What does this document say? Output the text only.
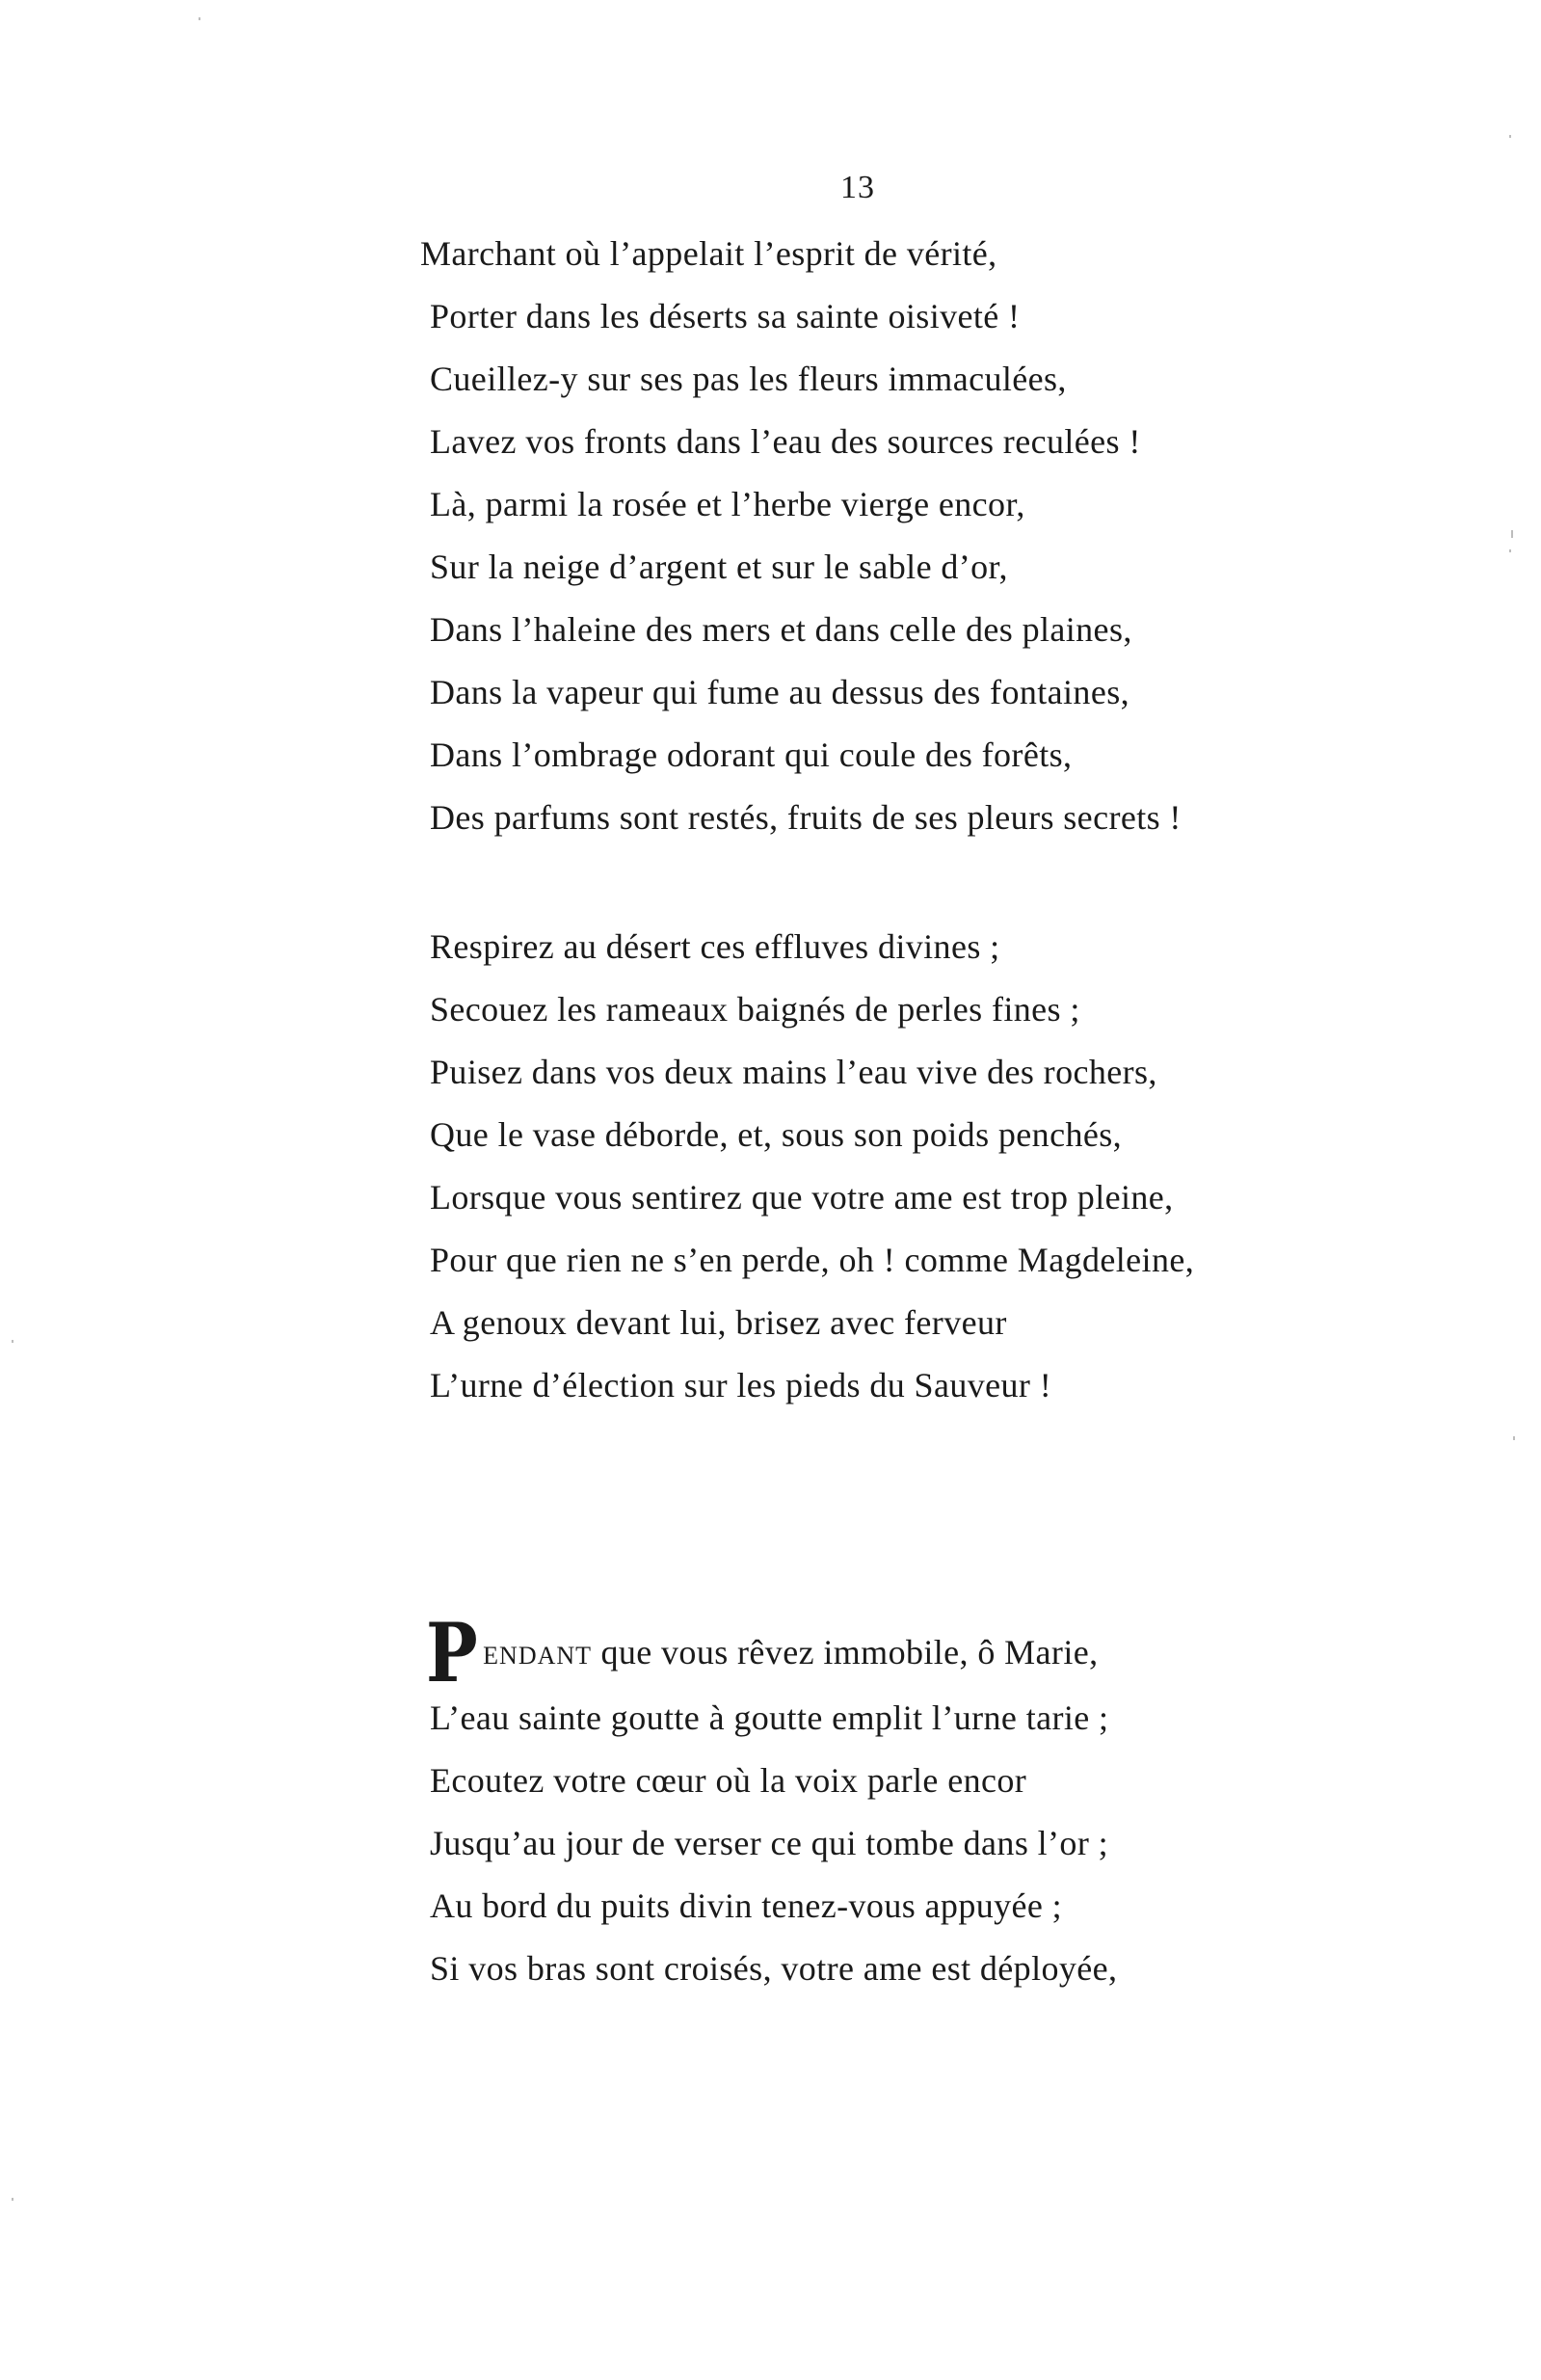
13
Marchant où l’appelait l’esprit de vérité,
Porter dans les déserts sa sainte oisiveté !
Cueillez-y sur ses pas les fleurs immaculées,
Lavez vos fronts dans l’eau des sources reculées !
Là, parmi la rosée et l’herbe vierge encor,
Sur la neige d’argent et sur le sable d’or,
Dans l’haleine des mers et dans celle des plaines,
Dans la vapeur qui fume au dessus des fontaines,
Dans l’ombrage odorant qui coule des forêts,
Des parfums sont restés, fruits de ses pleurs secrets !
Respirez au désert ces effluves divines ;
Secouez les rameaux baignés de perles fines ;
Puisez dans vos deux mains l’eau vive des rochers,
Que le vase déborde, et, sous son poids penchés,
Lorsque vous sentirez que votre ame est trop pleine,
Pour que rien ne s’en perde, oh ! comme Magdeleine,
A genoux devant lui, brisez avec ferveur
L’urne d’élection sur les pieds du Sauveur !
PENDANT que vous rêvez immobile, ô Marie,
L’eau sainte goutte à goutte emplit l’urne tarie ;
Ecoutez votre cœur où la voix parle encor
Jusqu’au jour de verser ce qui tombe dans l’or ;
Au bord du puits divin tenez-vous appuyée ;
Si vos bras sont croisés, votre ame est déployée,
